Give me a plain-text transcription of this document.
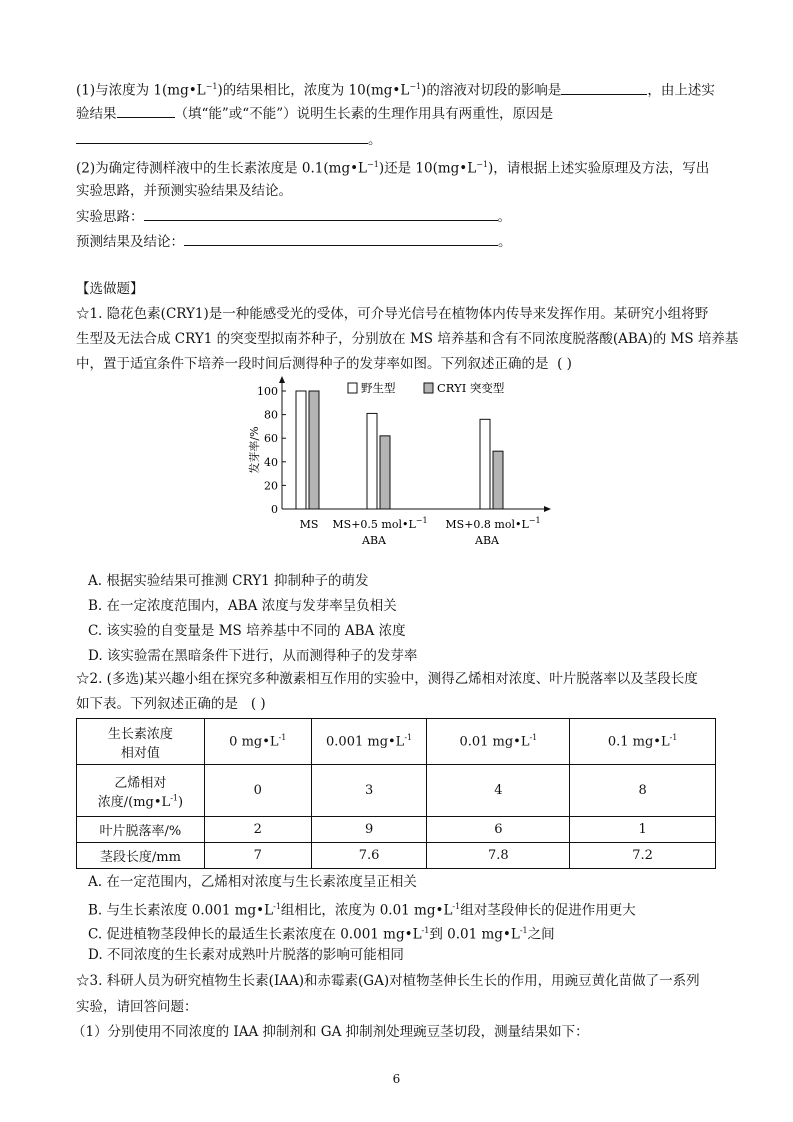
(1)与浓度为 $1(mg•L^{-1})$的结果相比，浓度为 $10(mg•L^{-1})$的溶液对切段的影响是	，由上述实
验结果	（填“能”或“不能”）说明生长素的生理作用具有两重性，原因是
。
(2)为确定待测样液中的生长素浓度是 $0.1(mg•L^{-1})$还是 $10(mg•L^{-1})$，请根据上述实验原理及方法，写出
实验思路，并预测实验结果及结论。
实验思路：	。
预测结果及结论：	。
【选做题】
☆1. 隐花色素(CRY1)是一种能感受光的受体，可介导光信号在植物体内传导来发挥作用。某研究小组将野
生型及无法合成 CRY1 的突变型拟南芥种子，分别放在 MS 培养基和含有不同浓度脱落酸(ABA)的 MS 培养基
中，置于适宜条件下培养一段时间后测得种子的发芽率如图。下列叙述正确的是 ( )
0
20
40
60
80
100
发芽率/%
MS MS+0.5 $mol•L^{-1}$
ABA
MS+0.8 $mol•L^{-1}$
ABA
野生型	CRYI 突变型
A. 根据实验结果可推测 CRY1 抑制种子的萌发
B. 在一定浓度范围内，ABA 浓度与发芽率呈负相关
C. 该实验的自变量是 MS 培养基中不同的 ABA 浓度
D. 该实验需在黑暗条件下进行，从而测得种子的发芽率
☆2. (多选)某兴趣小组在探究多种激素相互作用的实验中，测得乙烯相对浓度、叶片脱落率以及茎段长度
如下表。下列叙述正确的是 ( )
生长素浓度
相对值	0 $mg•L^{-1}$	0.001 $mg•L^{-1}$	0.01 $mg•L^{-1}$	0.1 $mg•L^{-1}$
乙烯相对
浓度$/(mg•L^{-1})$	0	3	4	8
叶片脱落率/%	2	9	6	1
茎段长度/mm	7	7.6	7.8	7.2
A. 在一定范围内，乙烯相对浓度与生长素浓度呈正相关
B. 与生长素浓度 0.001 $mg•L^{-1}$组相比，浓度为 0.01 $mg•L^{-1}$组对茎段伸长的促进作用更大
C. 促进植物茎段伸长的最适生长素浓度在 0.001 $mg•L^{-1}$到 0.01 $mg•L^{-1}$之间
D. 不同浓度的生长素对成熟叶片脱落的影响可能相同
☆3. 科研人员为研究植物生长素(IAA)和赤霉素(GA)对植物茎伸长生长的作用，用豌豆黄化苗做了一系列
实验，请回答问题：
（1）分别使用不同浓度的 IAA 抑制剂和 GA 抑制剂处理豌豆茎切段，测量结果如下：
6
